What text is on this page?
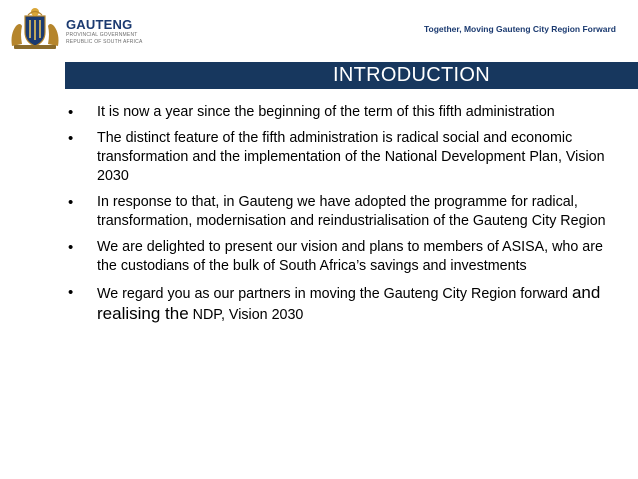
GAUTENG
PROVINCIAL GOVERNMENT
REPUBLIC OF SOUTH AFRICA
Together, Moving Gauteng City Region Forward
INTRODUCTION
• It is now a year since the beginning of the term of this fifth administration
• The distinct feature of the fifth administration is radical social and economic transformation and the implementation of the National Development Plan, Vision 2030
• In response to that, in Gauteng we have adopted the programme for radical, transformation, modernisation and reindustrialisation of the Gauteng City Region
• We are delighted to present our vision and plans to members of ASISA, who are the custodians of the bulk of South Africa’s savings and investments
• We regard you as our partners in moving the Gauteng City Region forward and realising the NDP, Vision 2030
